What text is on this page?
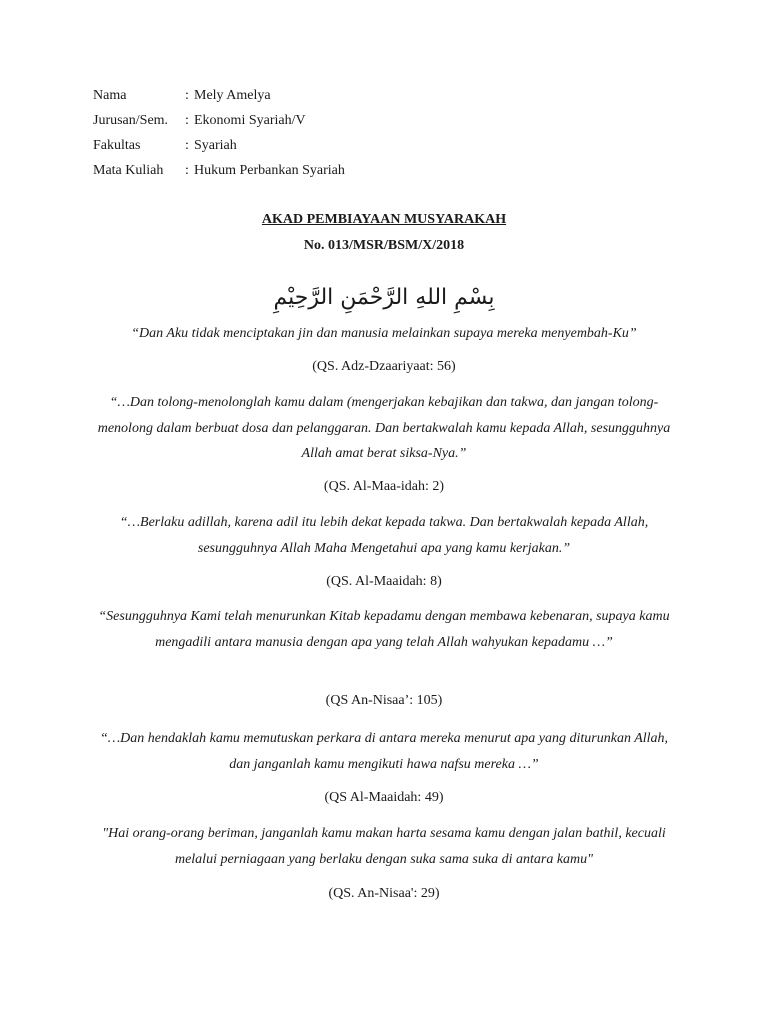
Nama	: Mely Amelya
Jurusan/Sem. : Ekonomi Syariah/V
Fakultas	: Syariah
Mata Kuliah : Hukum Perbankan Syariah
AKAD PEMBIAYAAN MUSYARAKAH
No. 013/MSR/BSM/X/2018
بِسْمِ اللهِ الرَّحْمَنِ الرَّحِيْمِ
“Dan Aku tidak menciptakan jin dan manusia melainkan supaya mereka menyembah-Ku”
(QS. Adz-Dzaariyaat: 56)
“…Dan tolong-menolonglah kamu dalam (mengerjakan kebajikan dan takwa, dan jangan tolong-menolong dalam berbuat dosa dan pelanggaran. Dan bertakwalah kamu kepada Allah, sesungguhnya Allah amat berat siksa-Nya.”
(QS. Al-Maa-idah: 2)
“…Berlaku adillah, karena adil itu lebih dekat kepada takwa. Dan bertakwalah kepada Allah, sesungguhnya Allah Maha Mengetahui apa yang kamu kerjakan.”
(QS. Al-Maaidah: 8)
“Sesungguhnya Kami telah menurunkan Kitab kepadamu dengan membawa kebenaran, supaya kamu mengadili antara manusia dengan apa yang telah Allah wahyukan kepadamu …”
(QS An-Nisaa’: 105)
“…Dan hendaklah kamu memutuskan perkara di antara mereka menurut apa yang diturunkan Allah, dan janganlah kamu mengikuti hawa nafsu mereka …”
(QS Al-Maaidah: 49)
"Hai orang-orang beriman, janganlah kamu makan harta sesama kamu dengan jalan bathil, kecuali melalui perniagaan yang berlaku dengan suka sama suka di antara kamu"
(QS. An-Nisaa': 29)
